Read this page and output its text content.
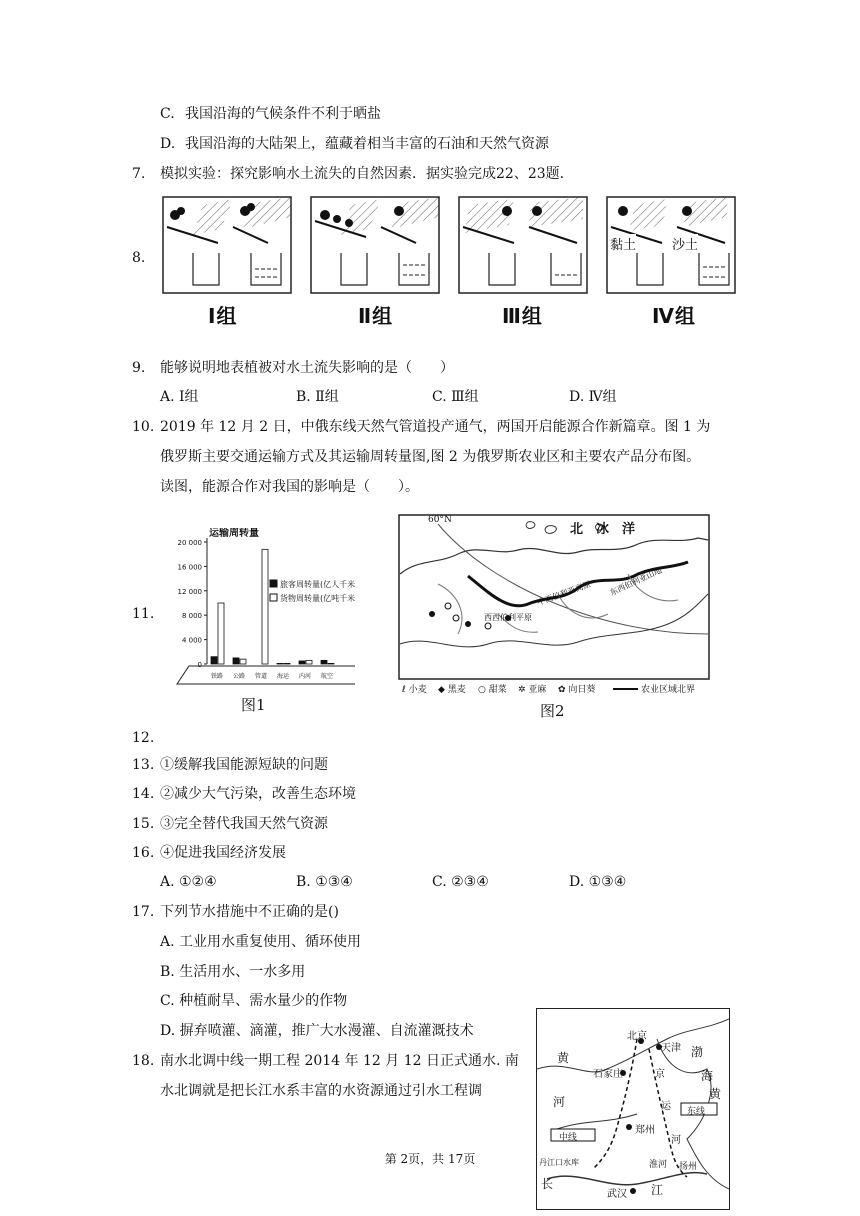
C. 我国沿海的气候条件不利于晒盐
D. 我国沿海的大陆架上，蕴藏着相当丰富的石油和天然气资源
7. 模拟实验：探究影响水土流失的自然因素．据实验完成22、23题．
8.
黏土	沙土
Ⅰ组	Ⅱ组	Ⅲ组	Ⅳ组
9. 能够说明地表植被对水土流失影响的是（　　）
A. Ⅰ组	B. Ⅱ组	C. Ⅲ组	D. Ⅳ组
10. 2019 年 12 月 2 日，中俄东线天然气管道投产通气，两国开启能源合作新篇章。图 1 为
俄罗斯主要交通运输方式及其运输周转量图,图 2 为俄罗斯农业区和主要农产品分布图。
读图，能源合作对我国的影响是（　　）。
11.
20 000
16 000
12 000
8 000
4 000
0
运输周转量
铁路 公路 管道 海运 内河 航空
旅客周转量(亿人千米)
货物周转量(亿吨千米)
图1
ℓ 小麦 ◆ 黑麦 ○ 甜菜 ✲ 亚麻 ✿ 向日葵	农业区域北界
60°N
北　冰　洋
中西伯利亚高原 东西伯利亚山地
西西伯利平原
图2
12.
13. ①缓解我国能源短缺的问题
14. ②减少大气污染，改善生态环境
15. ③完全替代我国天然气资源
16. ④促进我国经济发展
A. ①②④	B. ①③④	C. ②③④	D. ①③④
17. 下列节水措施中不正确的是()
A. 工业用水重复使用、循环使用
B. 生活用水、一水多用
C. 种植耐旱、需水量少的作物
D. 摒弃喷灌、滴灌，推广大水漫灌、自流灌溉技术
18. 南水北调中线一期工程 2014 年 12 月 12 日正式通水. 南
水北调就是把长江水系丰富的水资源通过引水工程调
北京
天津
石家庄
郑州
黄
河
海
渤
黄
中线
东线
淮河
丹江口水库
长	江
武汉
扬州
京
运
河
第 2页，共 17页
